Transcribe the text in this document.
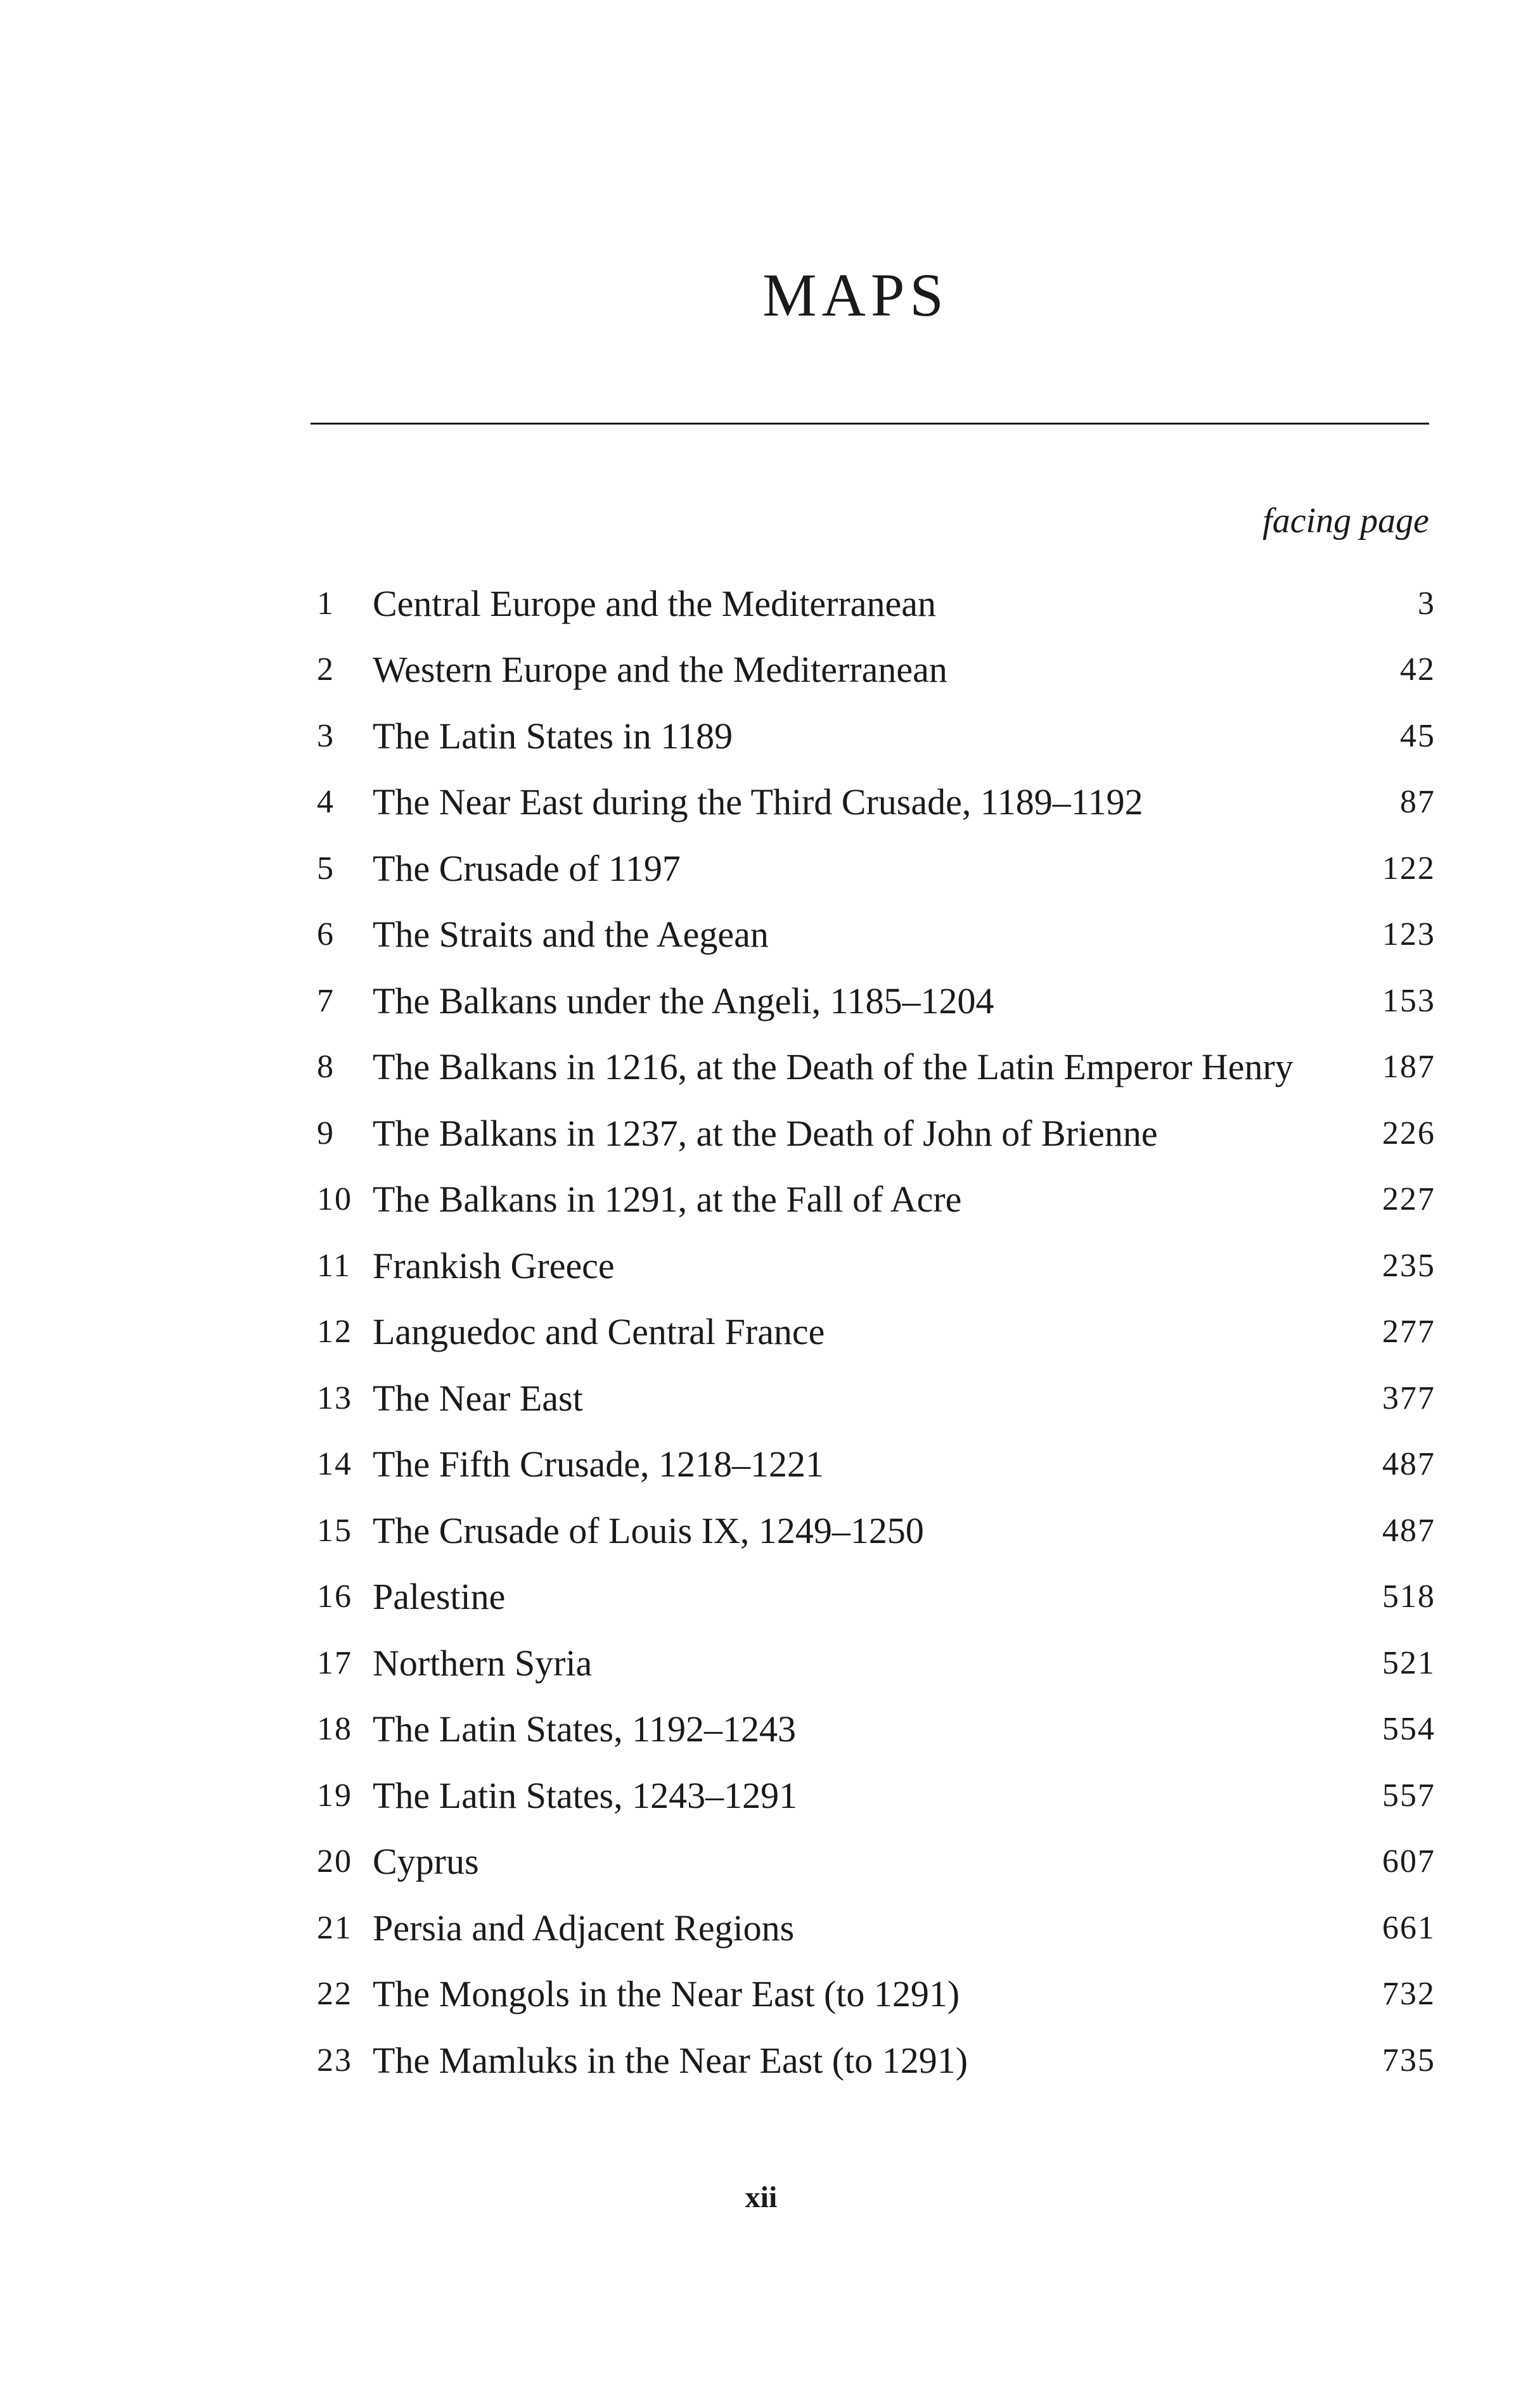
MAPS
facing page
1	Central Europe and the Mediterranean	3
2	Western Europe and the Mediterranean	42
3	The Latin States in 1189	45
4	The Near East during the Third Crusade, 1189–1192	87
5	The Crusade of 1197	122
6	The Straits and the Aegean	123
7	The Balkans under the Angeli, 1185–1204	153
8	The Balkans in 1216, at the Death of the Latin Emperor Henry	187
9	The Balkans in 1237, at the Death of John of Brienne	226
10 The Balkans in 1291, at the Fall of Acre	227
11 Frankish Greece	235
12 Languedoc and Central France	277
13 The Near East	377
14 The Fifth Crusade, 1218–1221	487
15 The Crusade of Louis IX, 1249–1250	487
16 Palestine	518
17 Northern Syria	521
18 The Latin States, 1192–1243	554
19 The Latin States, 1243–1291	557
20 Cyprus	607
21 Persia and Adjacent Regions	661
22 The Mongols in the Near East (to 1291)	732
23 The Mamluks in the Near East (to 1291)	735
xii
